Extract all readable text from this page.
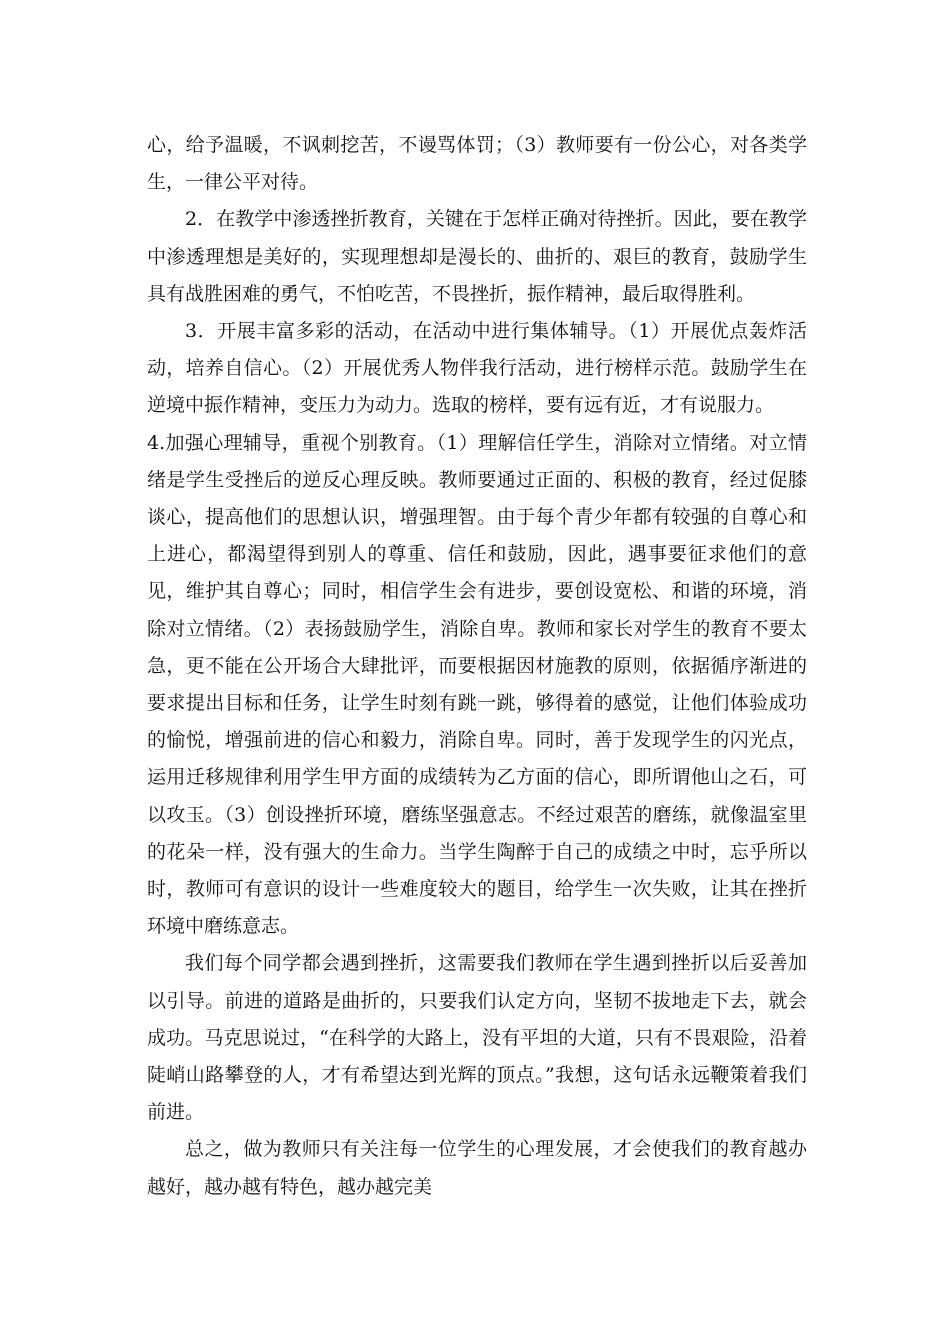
心，给予温暖，不讽刺挖苦，不谩骂体罚；（3）教师要有一份公心，对各类学生，一律公平对待。

2．在教学中渗透挫折教育，关键在于怎样正确对待挫折。因此，要在教学中渗透理想是美好的，实现理想却是漫长的、曲折的、艰巨的教育，鼓励学生具有战胜困难的勇气，不怕吃苦，不畏挫折，振作精神，最后取得胜利。

3．开展丰富多彩的活动，在活动中进行集体辅导。（1）开展优点轰炸活动，培养自信心。（2）开展优秀人物伴我行活动，进行榜样示范。鼓励学生在逆境中振作精神，变压力为动力。选取的榜样，要有远有近，才有说服力。

4.加强心理辅导，重视个别教育。（1）理解信任学生，消除对立情绪。对立情绪是学生受挫后的逆反心理反映。教师要通过正面的、积极的教育，经过促膝谈心，提高他们的思想认识，增强理智。由于每个青少年都有较强的自尊心和上进心，都渴望得到别人的尊重、信任和鼓励，因此，遇事要征求他们的意见，维护其自尊心；同时，相信学生会有进步，要创设宽松、和谐的环境，消除对立情绪。（2）表扬鼓励学生，消除自卑。教师和家长对学生的教育不要太急，更不能在公开场合大肆批评，而要根据因材施教的原则，依据循序渐进的要求提出目标和任务，让学生时刻有跳一跳，够得着的感觉，让他们体验成功的愉悦，增强前进的信心和毅力，消除自卑。同时，善于发现学生的闪光点，运用迁移规律利用学生甲方面的成绩转为乙方面的信心，即所谓他山之石，可以攻玉。（3）创设挫折环境，磨练坚强意志。不经过艰苦的磨练，就像温室里的花朵一样，没有强大的生命力。当学生陶醉于自己的成绩之中时，忘乎所以时，教师可有意识的设计一些难度较大的题目，给学生一次失败，让其在挫折环境中磨练意志。

我们每个同学都会遇到挫折，这需要我们教师在学生遇到挫折以后妥善加以引导。前进的道路是曲折的，只要我们认定方向，坚韧不拔地走下去，就会成功。马克思说过，“在科学的大路上，没有平坦的大道，只有不畏艰险，沿着陡峭山路攀登的人，才有希望达到光辉的顶点。”我想，这句话永远鞭策着我们前进。

总之，做为教师只有关注每一位学生的心理发展，才会使我们的教育越办越好，越办越有特色，越办越完美
